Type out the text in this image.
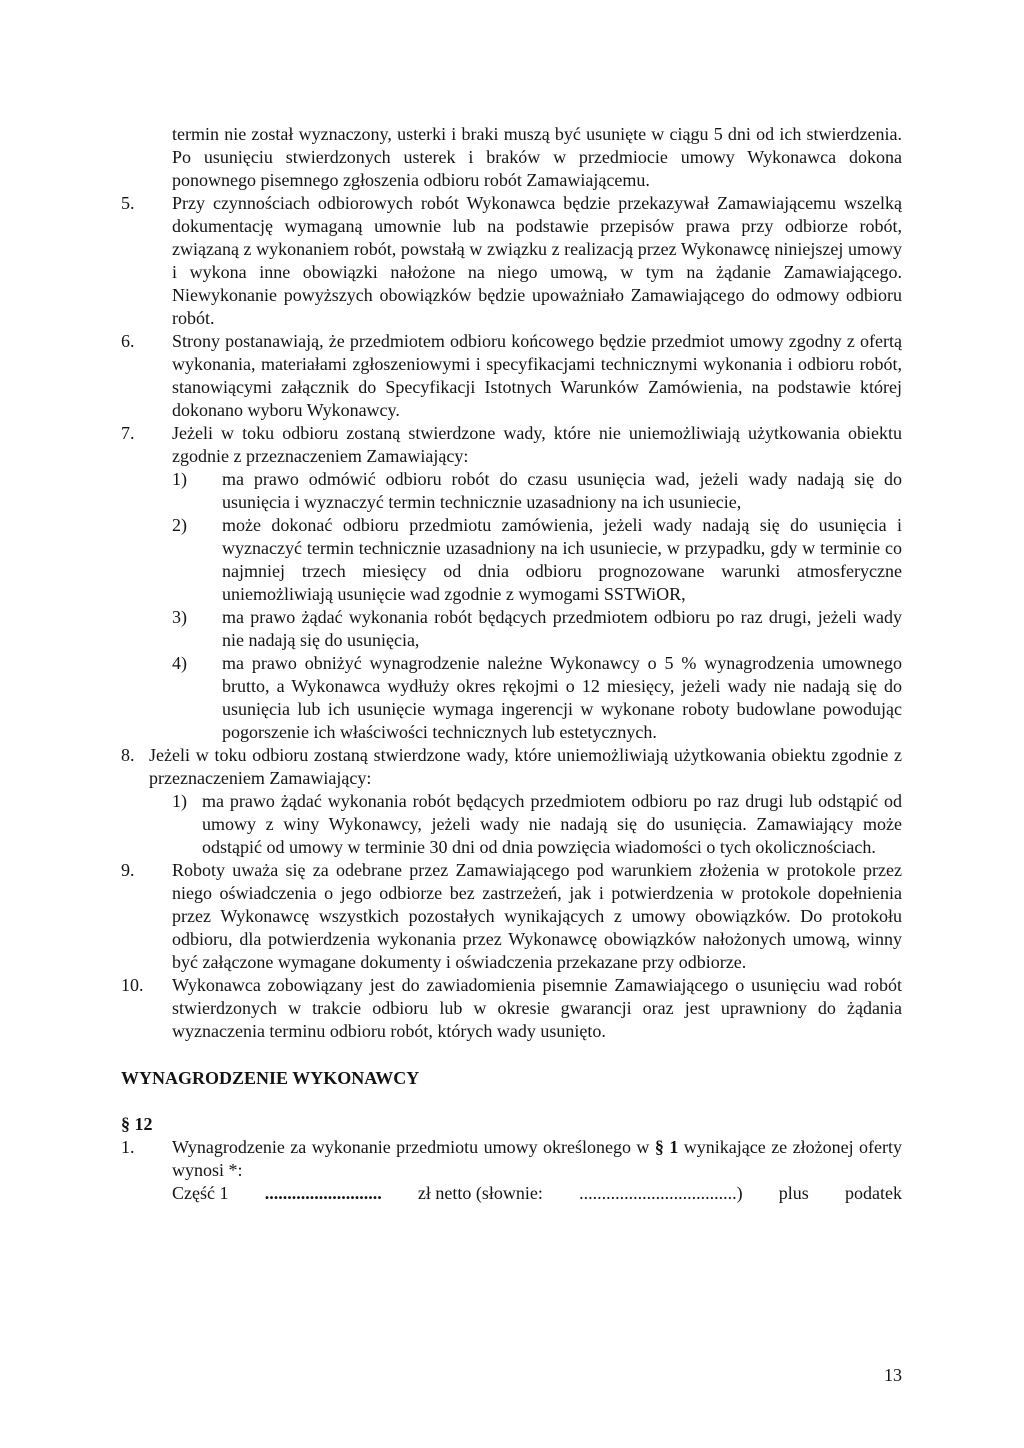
termin nie został wyznaczony, usterki i braki muszą być usunięte w ciągu 5 dni od ich stwierdzenia. Po usunięciu stwierdzonych usterek i braków w przedmiocie umowy Wykonawca dokona ponownego pisemnego zgłoszenia odbioru robót Zamawiającemu.

5.	Przy czynnościach odbiorowych robót Wykonawca będzie przekazywał Zamawiającemu wszelką dokumentację wymaganą umownie lub na podstawie przepisów prawa przy odbiorze robót, związaną z wykonaniem robót, powstałą w związku z realizacją przez Wykonawcę niniejszej umowy i wykona inne obowiązki nałożone na niego umową, w tym na żądanie Zamawiającego. Niewykonanie powyższych obowiązków będzie upoważniało Zamawiającego do odmowy odbioru robót.
6.	Strony postanawiają, że przedmiotem odbioru końcowego będzie przedmiot umowy zgodny z ofertą wykonania, materiałami zgłoszeniowymi i specyfikacjami technicznymi wykonania i odbioru robót, stanowiącymi załącznik do Specyfikacji Istotnych Warunków Zamówienia, na podstawie której dokonano wyboru Wykonawcy.
7.	Jeżeli w toku odbioru zostaną stwierdzone wady, które nie uniemożliwiają użytkowania obiektu zgodnie z przeznaczeniem Zamawiający:
1)	ma prawo odmówić odbioru robót do czasu usunięcia wad, jeżeli wady nadają się do usunięcia i wyznaczyć termin technicznie uzasadniony na ich usuniecie,
2)	może dokonać odbioru przedmiotu zamówienia, jeżeli wady nadają się do usunięcia i wyznaczyć termin technicznie uzasadniony na ich usuniecie, w przypadku, gdy w terminie co najmniej trzech miesięcy od dnia odbioru prognozowane warunki atmosferyczne uniemożliwiają usunięcie wad zgodnie z wymogami SSTWiOR,
3)	ma prawo żądać wykonania robót będących przedmiotem odbioru po raz drugi, jeżeli wady nie nadają się do usunięcia,
4)	ma prawo obniżyć wynagrodzenie należne Wykonawcy o 5 % wynagrodzenia umownego brutto, a Wykonawca wydłuży okres rękojmi o 12 miesięcy, jeżeli wady nie nadają się do usunięcia lub ich usunięcie wymaga ingerencji w wykonane roboty budowlane powodując pogorszenie ich właściwości technicznych lub estetycznych.
8. Jeżeli w toku odbioru zostaną stwierdzone wady, które uniemożliwiają użytkowania obiektu zgodnie z przeznaczeniem Zamawiający:
1) ma prawo żądać wykonania robót będących przedmiotem odbioru po raz drugi lub odstąpić od umowy z winy Wykonawcy, jeżeli wady nie nadają się do usunięcia. Zamawiający może odstąpić od umowy w terminie 30 dni od dnia powzięcia wiadomości o tych okolicznościach.
9.	Roboty uważa się za odebrane przez Zamawiającego pod warunkiem złożenia w protokole przez niego oświadczenia o jego odbiorze bez zastrzeżeń, jak i potwierdzenia w protokole dopełnienia przez Wykonawcę wszystkich pozostałych wynikających z umowy obowiązków. Do protokołu odbioru, dla potwierdzenia wykonania przez Wykonawcę obowiązków nałożonych umową, winny być załączone wymagane dokumenty i oświadczenia przekazane przy odbiorze.
10.	Wykonawca zobowiązany jest do zawiadomienia pisemnie Zamawiającego o usunięciu wad robót stwierdzonych w trakcie odbioru lub w okresie gwarancji oraz jest uprawniony do żądania wyznaczenia terminu odbioru robót, których wady usunięto.

WYNAGRODZENIE WYKONAWCY

§ 12

1.	Wynagrodzenie za wykonanie przedmiotu umowy określonego w § 1 wynikające ze złożonej oferty wynosi *:
Część 1 .......................... zł netto (słownie: ...................................) plus podatek
13
